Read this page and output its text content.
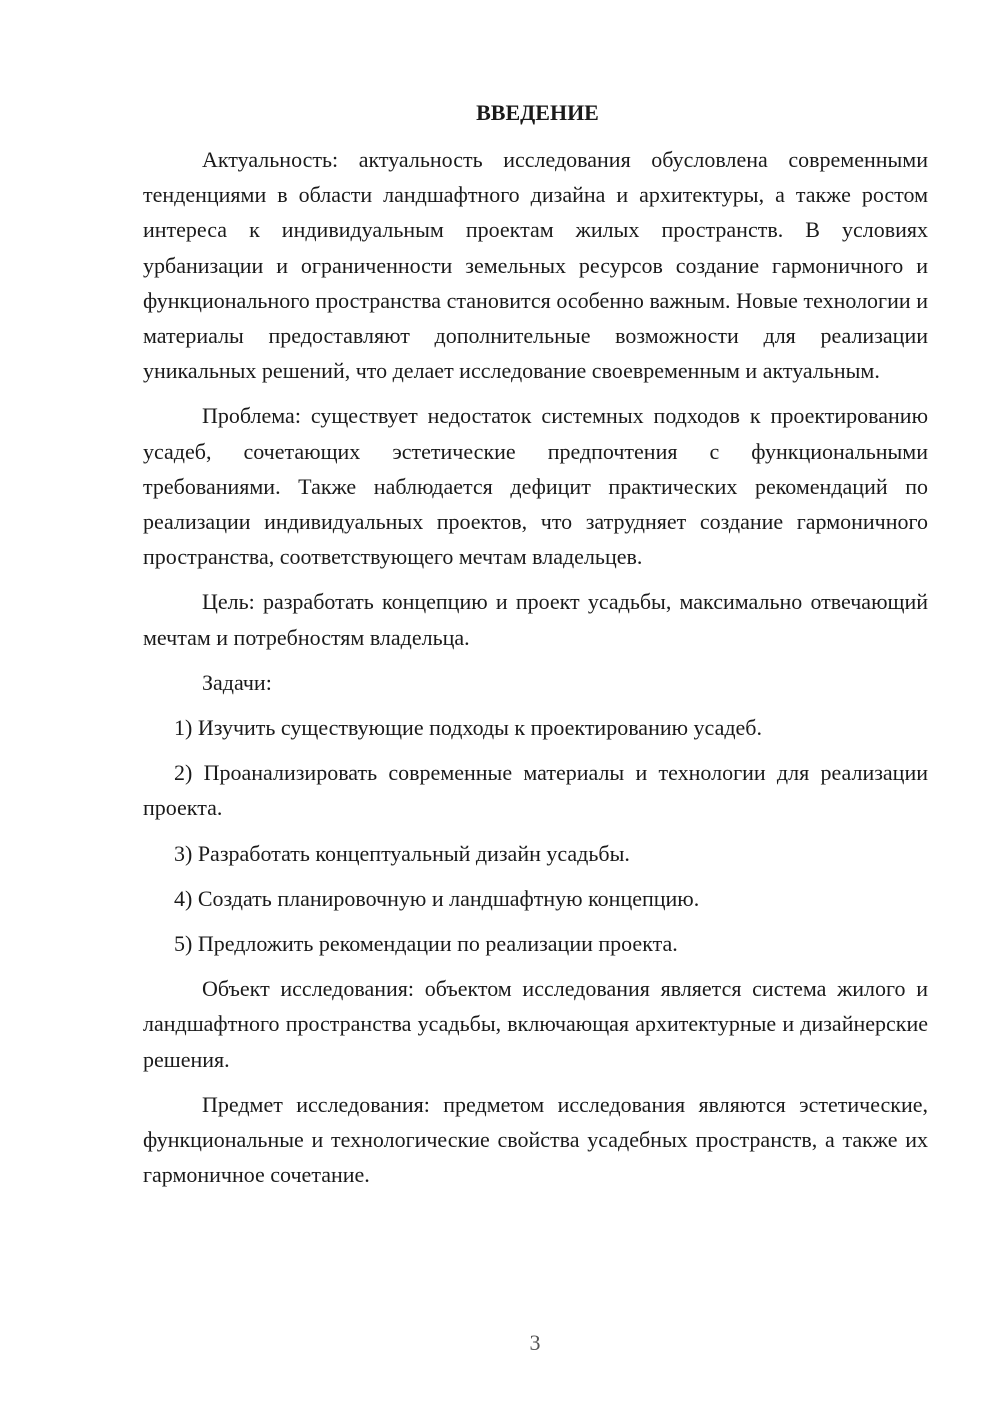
ВВЕДЕНИЕ

Актуальность: актуальность исследования обусловлена современными тенденциями в области ландшафтного дизайна и архитектуры, а также ростом интереса к индивидуальным проектам жилых пространств. В условиях урбанизации и ограниченности земельных ресурсов создание гармоничного и функционального пространства становится особенно важным. Новые технологии и материалы предоставляют дополнительные возможности для реализации уникальных решений, что делает исследование своевременным и актуальным.

Проблема: существует недостаток системных подходов к проектированию усадеб, сочетающих эстетические предпочтения с функциональными требованиями. Также наблюдается дефицит практических рекомендаций по реализации индивидуальных проектов, что затрудняет создание гармоничного пространства, соответствующего мечтам владельцев.

Цель: разработать концепцию и проект усадьбы, максимально отвечающий мечтам и потребностям владельца.

Задачи:

1) Изучить существующие подходы к проектированию усадеб.

2) Проанализировать современные материалы и технологии для реализации проекта.

3) Разработать концептуальный дизайн усадьбы.

4) Создать планировочную и ландшафтную концепцию.

5) Предложить рекомендации по реализации проекта.

Объект исследования: объектом исследования является система жилого и ландшафтного пространства усадьбы, включающая архитектурные и дизайнерские решения.

Предмет исследования: предметом исследования являются эстетические, функциональные и технологические свойства усадебных пространств, а также их гармоничное сочетание.

3
